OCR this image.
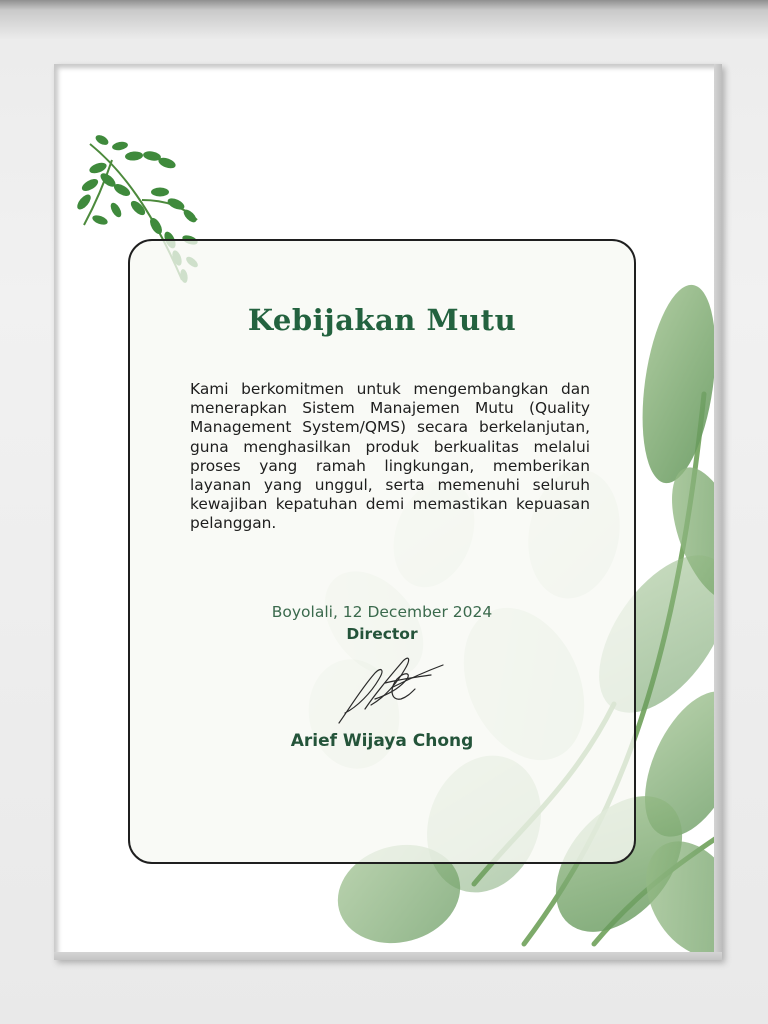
Kebijakan Mutu
Kami berkomitmen untuk mengembangkan dan menerapkan Sistem Manajemen Mutu (Quality Management System/QMS) secara berkelanjutan, guna menghasilkan produk berkualitas melalui proses yang ramah lingkungan, memberikan layanan yang unggul, serta memenuhi seluruh kewajiban kepatuhan demi memastikan kepuasan pelanggan.
Boyolali, 12 December 2024
Director
Arief Wijaya Chong
